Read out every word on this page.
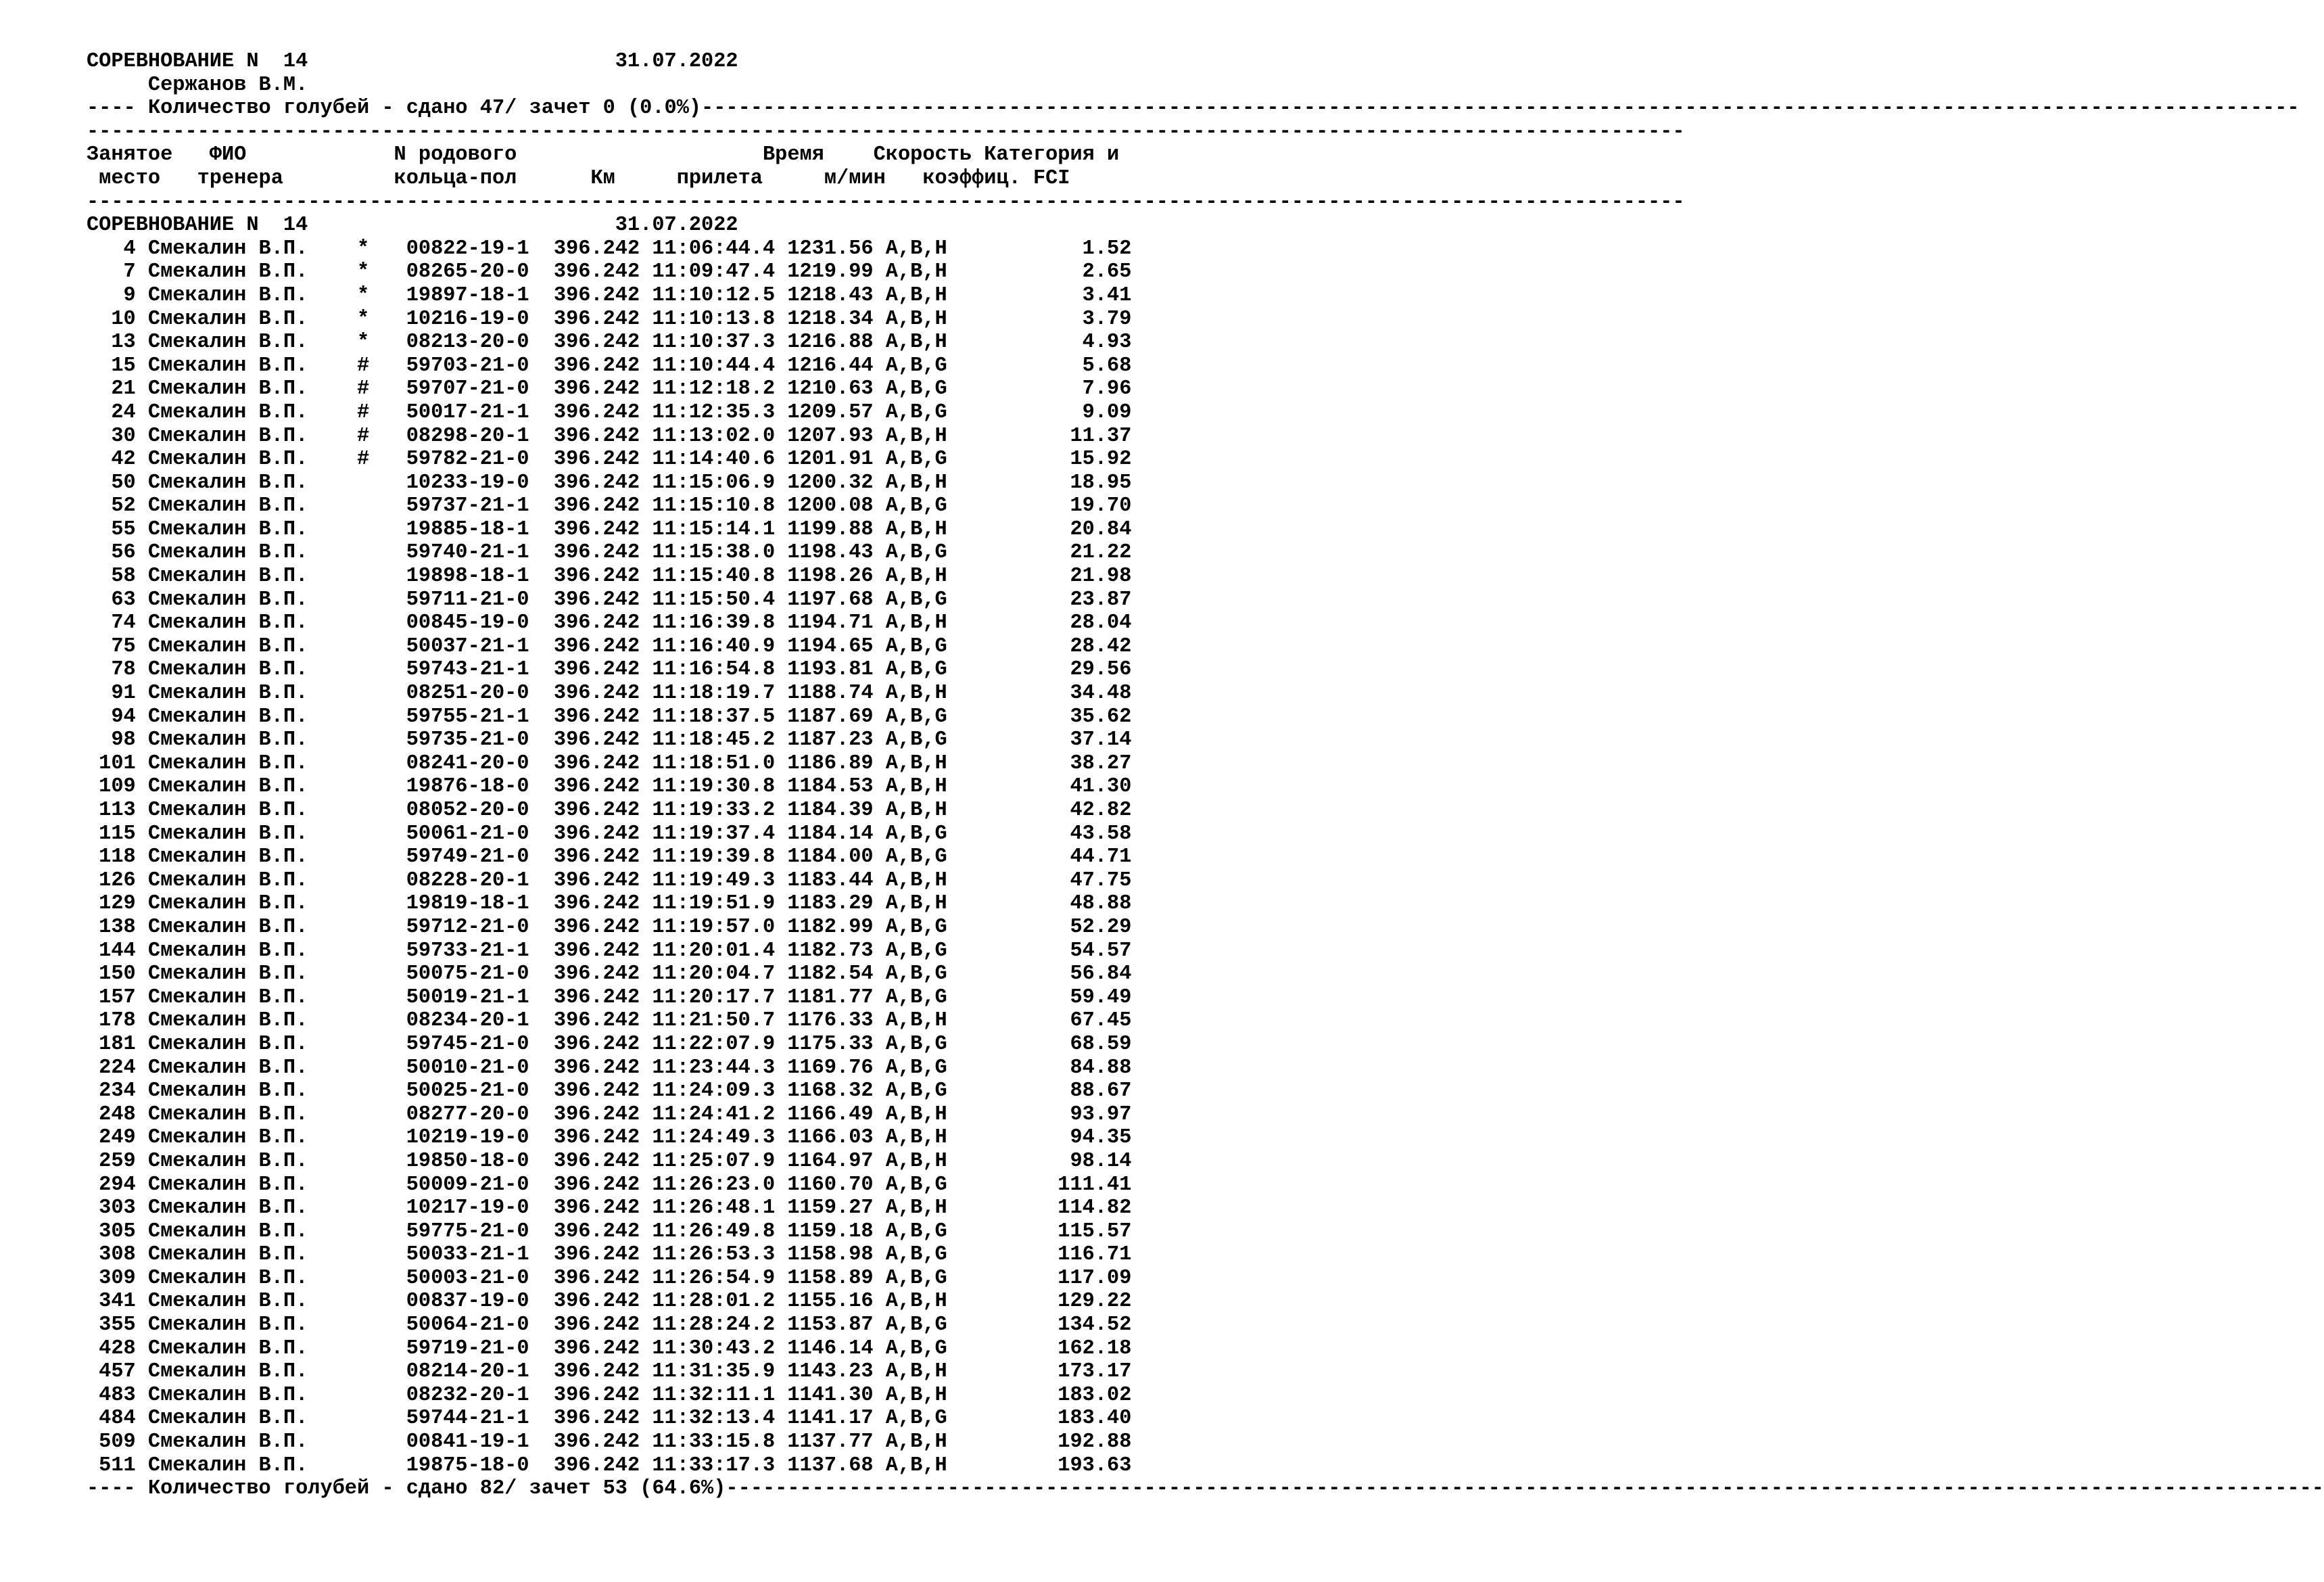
СОРЕВНОВАНИЕ N  14                         31.07.2022
Сержанов В.М.
---- Количество голубей - сдано 47/ зачет 0 (0.0%)----------------------------------------------------------------------------------------------------------------------------------
----------------------------------------------------------------------------------------------------------------------------------
Занятое   ФИО            N родового                    Время    Скорость Категория и
место   тренера         кольца-пол      Км     прилета     м/мин   коэффиц. FCI
----------------------------------------------------------------------------------------------------------------------------------
СОРЕВНОВАНИЕ N  14                         31.07.2022
4 Смекалин В.П.    *   00822-19-1  396.242 11:06:44.4 1231.56 A,B,H           1.52
7 Смекалин В.П.    *   08265-20-0  396.242 11:09:47.4 1219.99 A,B,H           2.65
9 Смекалин В.П.    *   19897-18-1  396.242 11:10:12.5 1218.43 A,B,H           3.41
10 Смекалин В.П.    *   10216-19-0  396.242 11:10:13.8 1218.34 A,B,H           3.79
13 Смекалин В.П.    *   08213-20-0  396.242 11:10:37.3 1216.88 A,B,H           4.93
15 Смекалин В.П.    #   59703-21-0  396.242 11:10:44.4 1216.44 A,B,G           5.68
21 Смекалин В.П.    #   59707-21-0  396.242 11:12:18.2 1210.63 A,B,G           7.96
24 Смекалин В.П.    #   50017-21-1  396.242 11:12:35.3 1209.57 A,B,G           9.09
30 Смекалин В.П.    #   08298-20-1  396.242 11:13:02.0 1207.93 A,B,H          11.37
42 Смекалин В.П.    #   59782-21-0  396.242 11:14:40.6 1201.91 A,B,G          15.92
50 Смекалин В.П.        10233-19-0  396.242 11:15:06.9 1200.32 A,B,H          18.95
52 Смекалин В.П.        59737-21-1  396.242 11:15:10.8 1200.08 A,B,G          19.70
55 Смекалин В.П.        19885-18-1  396.242 11:15:14.1 1199.88 A,B,H          20.84
56 Смекалин В.П.        59740-21-1  396.242 11:15:38.0 1198.43 A,B,G          21.22
58 Смекалин В.П.        19898-18-1  396.242 11:15:40.8 1198.26 A,B,H          21.98
63 Смекалин В.П.        59711-21-0  396.242 11:15:50.4 1197.68 A,B,G          23.87
74 Смекалин В.П.        00845-19-0  396.242 11:16:39.8 1194.71 A,B,H          28.04
75 Смекалин В.П.        50037-21-1  396.242 11:16:40.9 1194.65 A,B,G          28.42
78 Смекалин В.П.        59743-21-1  396.242 11:16:54.8 1193.81 A,B,G          29.56
91 Смекалин В.П.        08251-20-0  396.242 11:18:19.7 1188.74 A,B,H          34.48
94 Смекалин В.П.        59755-21-1  396.242 11:18:37.5 1187.69 A,B,G          35.62
98 Смекалин В.П.        59735-21-0  396.242 11:18:45.2 1187.23 A,B,G          37.14
101 Смекалин В.П.        08241-20-0  396.242 11:18:51.0 1186.89 A,B,H          38.27
109 Смекалин В.П.        19876-18-0  396.242 11:19:30.8 1184.53 A,B,H          41.30
113 Смекалин В.П.        08052-20-0  396.242 11:19:33.2 1184.39 A,B,H          42.82
115 Смекалин В.П.        50061-21-0  396.242 11:19:37.4 1184.14 A,B,G          43.58
118 Смекалин В.П.        59749-21-0  396.242 11:19:39.8 1184.00 A,B,G          44.71
126 Смекалин В.П.        08228-20-1  396.242 11:19:49.3 1183.44 A,B,H          47.75
129 Смекалин В.П.        19819-18-1  396.242 11:19:51.9 1183.29 A,B,H          48.88
138 Смекалин В.П.        59712-21-0  396.242 11:19:57.0 1182.99 A,B,G          52.29
144 Смекалин В.П.        59733-21-1  396.242 11:20:01.4 1182.73 A,B,G          54.57
150 Смекалин В.П.        50075-21-0  396.242 11:20:04.7 1182.54 A,B,G          56.84
157 Смекалин В.П.        50019-21-1  396.242 11:20:17.7 1181.77 A,B,G          59.49
178 Смекалин В.П.        08234-20-1  396.242 11:21:50.7 1176.33 A,B,H          67.45
181 Смекалин В.П.        59745-21-0  396.242 11:22:07.9 1175.33 A,B,G          68.59
224 Смекалин В.П.        50010-21-0  396.242 11:23:44.3 1169.76 A,B,G          84.88
234 Смекалин В.П.        50025-21-0  396.242 11:24:09.3 1168.32 A,B,G          88.67
248 Смекалин В.П.        08277-20-0  396.242 11:24:41.2 1166.49 A,B,H          93.97
249 Смекалин В.П.        10219-19-0  396.242 11:24:49.3 1166.03 A,B,H          94.35
259 Смекалин В.П.        19850-18-0  396.242 11:25:07.9 1164.97 A,B,H          98.14
294 Смекалин В.П.        50009-21-0  396.242 11:26:23.0 1160.70 A,B,G         111.41
303 Смекалин В.П.        10217-19-0  396.242 11:26:48.1 1159.27 A,B,H         114.82
305 Смекалин В.П.        59775-21-0  396.242 11:26:49.8 1159.18 A,B,G         115.57
308 Смекалин В.П.        50033-21-1  396.242 11:26:53.3 1158.98 A,B,G         116.71
309 Смекалин В.П.        50003-21-0  396.242 11:26:54.9 1158.89 A,B,G         117.09
341 Смекалин В.П.        00837-19-0  396.242 11:28:01.2 1155.16 A,B,H         129.22
355 Смекалин В.П.        50064-21-0  396.242 11:28:24.2 1153.87 A,B,G         134.52
428 Смекалин В.П.        59719-21-0  396.242 11:30:43.2 1146.14 A,B,G         162.18
457 Смекалин В.П.        08214-20-1  396.242 11:31:35.9 1143.23 A,B,H         173.17
483 Смекалин В.П.        08232-20-1  396.242 11:32:11.1 1141.30 A,B,H         183.02
484 Смекалин В.П.        59744-21-1  396.242 11:32:13.4 1141.17 A,B,G         183.40
509 Смекалин В.П.        00841-19-1  396.242 11:33:15.8 1137.77 A,B,H         192.88
511 Смекалин В.П.        19875-18-0  396.242 11:33:17.3 1137.68 A,B,H         193.63
---- Количество голубей - сдано 82/ зачет 53 (64.6%)----------------------------------------------------------------------------------------------------------------------------------
